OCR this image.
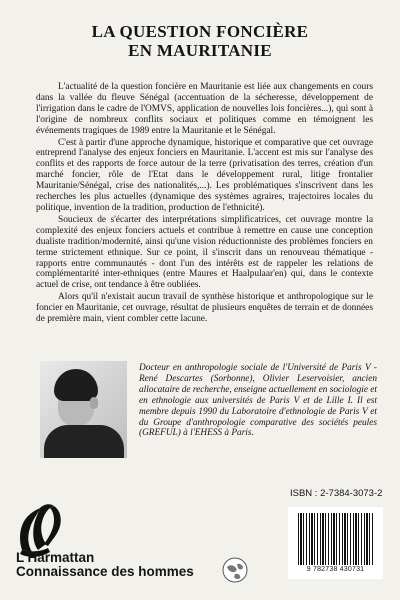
LA QUESTION FONCIÈRE
EN MAURITANIE

L'actualité de la question foncière en Mauritanie est liée aux changements en cours dans la vallée du fleuve Sénégal (accentuation de la sécheresse, développement de l'irrigation dans le cadre de l'OMVS, application de nouvelles lois foncières...), qui sont à l'origine de nombreux conflits sociaux et politiques comme en témoignent les événements tragiques de 1989 entre la Mauritanie et le Sénégal.

C'est à partir d'une approche dynamique, historique et comparative que cet ouvrage entreprend l'analyse des enjeux fonciers en Mauritanie. L'accent est mis sur l'analyse des conflits et des rapports de force autour de la terre (privatisation des terres, création d'un marché foncier, rôle de l'Etat dans le développement rural, litige frontalier Mauritanie/Sénégal, crise des nationalités,...). Les problématiques s'inscrivent dans les recherches les plus actuelles (dynamique des systèmes agraires, trajectoires locales du politique, invention de la tradition, production de l'ethnicité).

Soucieux de s'écarter des interprétations simplificatrices, cet ouvrage montre la complexité des enjeux fonciers actuels et contribue à remettre en cause une conception dualiste tradition/modernité, ainsi qu'une vision réductionniste des problèmes fonciers en terme strictement ethnique. Sur ce point, il s'inscrit dans un renouveau thématique - rapports entre communautés - dont l'un des intérêts est de rappeler les relations de complémentarité inter-ethniques (entre Maures et Haalpulaar'en) qui, dans le contexte actuel de crise, ont tendance à être oubliées.

Alors qu'il n'existait aucun travail de synthèse historique et anthropologique sur le foncier en Mauritanie, cet ouvrage, résultat de plusieurs enquêtes de terrain et de données de première main, vient combler cette lacune.

Docteur en anthropologie sociale de l'Université de Paris V - René Descartes (Sorbonne), Olivier Leservoisier, ancien allocataire de recherche, enseigne actuellement en sociologie et en ethnologie aux universités de Paris V et de Lille I. Il est membre depuis 1990 du Laboratoire d'ethnologie de Paris V et du Groupe d'anthropologie comparative des sociétés peules (GREFUL) à l'EHESS à Paris.
ISBN : 2-7384-3073-2
9 782738 430731
L'Harmattan
Connaissance des hommes
